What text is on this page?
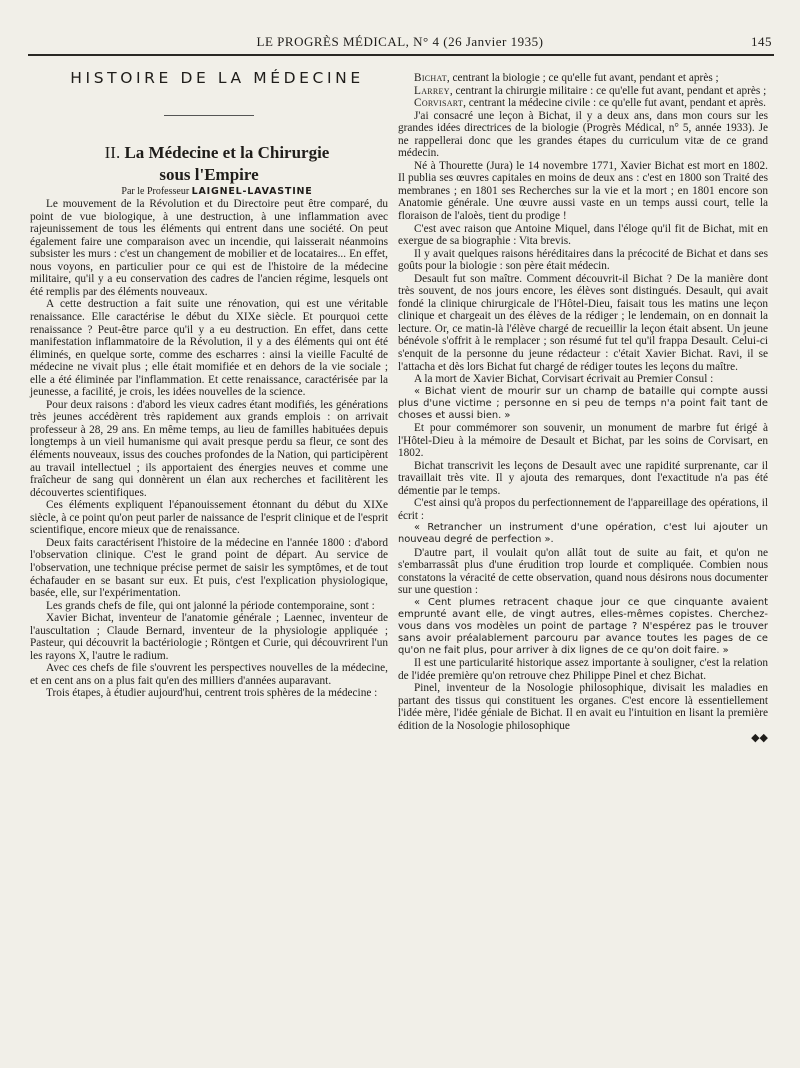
LE PROGRÈS MÉDICAL, N° 4 (26 Janvier 1935)	145

HISTOIRE DE LA MÉDECINE

II. La Médecine et la Chirurgie
sous l'Empire

Par le Professeur LAIGNEL-LAVASTINE

Le mouvement de la Révolution et du Directoire peut être comparé, du point de vue biologique, à une destruction, à une inflammation avec rajeunissement de tous les éléments qui entrent dans une société. On peut également faire une comparaison avec un incendie, qui laisserait néanmoins subsister les murs : c'est un changement de mobilier et de locataires... En effet, nous voyons, en particulier pour ce qui est de l'histoire de la médecine militaire, qu'il y a eu conservation des cadres de l'ancien régime, lesquels ont été remplis par des éléments nouveaux.

A cette destruction a fait suite une rénovation, qui est une véritable renaissance. Elle caractérise le début du XIXe siècle. Et pourquoi cette renaissance ? Peut-être parce qu'il y a eu destruction. En effet, dans cette manifestation inflammatoire de la Révolution, il y a des éléments qui ont été éliminés, en quelque sorte, comme des escharres : ainsi la vieille Faculté de médecine ne vivait plus ; elle était momifiée et en dehors de la vie sociale ; elle a été éliminée par l'inflammation. Et cette renaissance, caractérisée par la jeunesse, a facilité, je crois, les idées nouvelles de la science.

Pour deux raisons : d'abord les vieux cadres étant modifiés, les générations très jeunes accédèrent très rapidement aux grands emplois : on arrivait professeur à 28, 29 ans. En même temps, au lieu de familles habituées depuis longtemps à un vieil humanisme qui avait presque perdu sa fleur, ce sont des éléments nouveaux, issus des couches profondes de la Nation, qui participèrent au travail intellectuel ; ils apportaient des énergies neuves et comme une fraîcheur de sang qui donnèrent un élan aux recherches et facilitèrent les découvertes scientifiques.

Ces éléments expliquent l'épanouissement étonnant du début du XIXe siècle, à ce point qu'on peut parler de naissance de l'esprit clinique et de l'esprit scientifique, encore mieux que de renaissance.

Deux faits caractérisent l'histoire de la médecine en l'année 1800 : d'abord l'observation clinique. C'est le grand point de départ. Au service de l'observation, une technique précise permet de saisir les symptômes, et de tout échafauder en se basant sur eux. Et puis, c'est l'explication physiologique, basée, elle, sur l'expérimentation.

Les grands chefs de file, qui ont jalonné la période contemporaine, sont :

Xavier Bichat, inventeur de l'anatomie générale ; Laennec, inventeur de l'auscultation ; Claude Bernard, inventeur de la physiologie appliquée ; Pasteur, qui découvrit la bactériologie ; Röntgen et Curie, qui découvrirent l'un les rayons X, l'autre le radium.

Avec ces chefs de file s'ouvrent les perspectives nouvelles de la médecine, et en cent ans on a plus fait qu'en des milliers d'années auparavant.

Trois étapes, à étudier aujourd'hui, centrent trois sphères de la médecine :

Bichat, centrant la biologie ; ce qu'elle fut avant, pendant et après ;

Larrey, centrant la chirurgie militaire : ce qu'elle fut avant, pendant et après ;

Corvisart, centrant la médecine civile : ce qu'elle fut avant, pendant et après.

J'ai consacré une leçon à Bichat, il y a deux ans, dans mon cours sur les grandes idées directrices de la biologie (Progrès Médical, n° 5, année 1933). Je ne rappellerai donc que les grandes étapes du curriculum vitæ de ce grand médecin.

Né à Thourette (Jura) le 14 novembre 1771, Xavier Bichat est mort en 1802. Il publia ses œuvres capitales en moins de deux ans : c'est en 1800 son Traité des membranes ; en 1801 ses Recherches sur la vie et la mort ; en 1801 encore son Anatomie générale. Une œuvre aussi vaste en un temps aussi court, telle la floraison de l'aloès, tient du prodige !

C'est avec raison que Antoine Miquel, dans l'éloge qu'il fit de Bichat, mit en exergue de sa biographie : Vita brevis.

Il y avait quelques raisons héréditaires dans la précocité de Bichat et dans ses goûts pour la biologie : son père était médecin.

Desault fut son maître. Comment découvrit-il Bichat ? De la manière dont très souvent, de nos jours encore, les élèves sont distingués. Desault, qui avait fondé la clinique chirurgicale de l'Hôtel-Dieu, faisait tous les matins une leçon clinique et chargeait un des élèves de la rédiger ; le lendemain, on en donnait la lecture. Or, ce matin-là l'élève chargé de recueillir la leçon était absent. Un jeune bénévole s'offrit à le remplacer ; son résumé fut tel qu'il frappa Desault. Celui-ci s'enquit de la personne du jeune rédacteur : c'était Xavier Bichat. Ravi, il se l'attacha et dès lors Bichat fut chargé de rédiger toutes les leçons du maître.

A la mort de Xavier Bichat, Corvisart écrivait au Premier Consul :

« Bichat vient de mourir sur un champ de bataille qui compte aussi plus d'une victime ; personne en si peu de temps n'a point fait tant de choses et aussi bien. »

Et pour commémorer son souvenir, un monument de marbre fut érigé à l'Hôtel-Dieu à la mémoire de Desault et Bichat, par les soins de Corvisart, en 1802.

Bichat transcrivit les leçons de Desault avec une rapidité surprenante, car il travaillait très vite. Il y ajouta des remarques, dont l'exactitude n'a pas été démentie par le temps.

C'est ainsi qu'à propos du perfectionnement de l'appareillage des opérations, il écrit :

« Retrancher un instrument d'une opération, c'est lui ajouter un nouveau degré de perfection ».

D'autre part, il voulait qu'on allât tout de suite au fait, et qu'on ne s'embarrassât plus d'une érudition trop lourde et compliquée. Combien nous constatons la véracité de cette observation, quand nous désirons nous documenter sur une question :

« Cent plumes retracent chaque jour ce que cinquante avaient emprunté avant elle, de vingt autres, elles-mêmes copistes. Cherchez-vous dans vos modèles un point de partage ? N'espérez pas le trouver sans avoir préalablement parcouru par avance toutes les pages de ce qu'on ne fait plus, pour arriver à dix lignes de ce qu'on doit faire. »

Il est une particularité historique assez importante à souligner, c'est la relation de l'idée première qu'on retrouve chez Philippe Pinel et chez Bichat.

Pinel, inventeur de la Nosologie philosophique, divisait les maladies en partant des tissus qui constituent les organes. C'est encore là essentiellement l'idée mère, l'idée géniale de Bichat. Il en avait eu l'intuition en lisant la première édition de la Nosologie philosophique

◆◆
